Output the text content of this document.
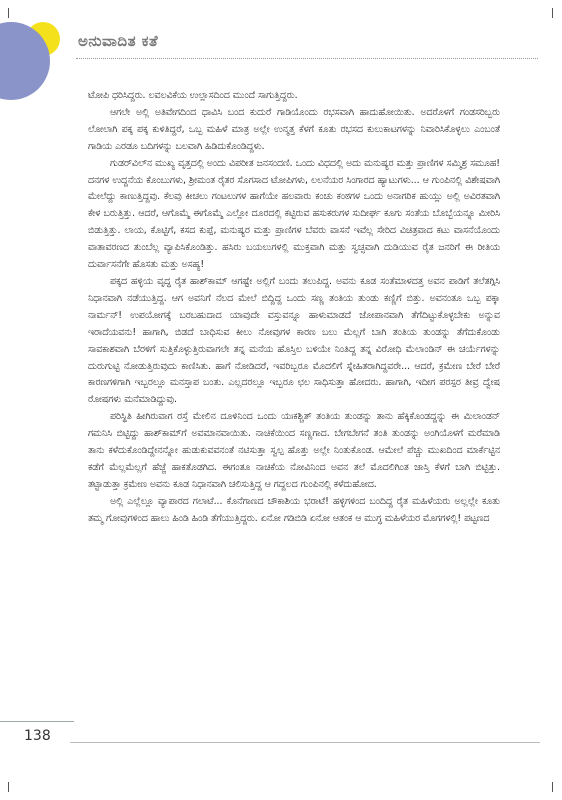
ಅನುವಾದಿತ ಕತೆ

ಟೋಪಿ ಧರಿಸಿದ್ದರು. ಲವಲವಿಕೆಯ ಉಲ್ಲಾಸದಿಂದ ಮುಂದೆ ಸಾಗುತ್ತಿದ್ದರು.

ಆಗಲೇ ಅಲ್ಲಿ ಅತಿವೇಗದಿಂದ ಧಾವಿಸಿ ಬಂದ ಕುದುರೆ ಗಾಡಿಯೊಂದು ರಭಸವಾಗಿ ಹಾದುಹೋಯಿತು. ಅದರೊಳಗೆ ಗಂಡಸರಿಬ್ಬರು ಲೋಲಾಗಿ ಪಕ್ಕ ಪಕ್ಕ ಕುಳಿತಿದ್ದರೆ, ಒಬ್ಬ ಮಹಿಳೆ ಮಾತ್ರ ಅಲ್ಲೇ ಉನ್ಮತ್ತ ಕೆಳಗೆ ಕೂತು ರಭಸದ ಕುಲುಕಾಟಗಳನ್ನು ನಿವಾರಿಸಿಕೊಳ್ಳಲು ಎಂಬಂತೆ ಗಾಡಿಯ ಎರಡೂ ಬದಿಗಳನ್ನು ಬಲವಾಗಿ ಹಿಡಿದುಕೊಂಡಿದ್ದಳು.

ಗುಡರ್‌ವಿಲ್‌ನ ಮುಖ್ಯ ವೃತ್ತದಲ್ಲಿ ಅಂದು ವಿಪರೀತ ಜನಸಂದಣಿ. ಒಂದು ವಿಧದಲ್ಲಿ ಅದು ಮನುಷ್ಯರ ಮತ್ತು ಪ್ರಾಣಿಗಳ ಸಮ್ಮಿಶ್ರ ಸಮೂಹ! ದನಗಳ ಉದ್ದನೆಯ ಕೊಂಬುಗಳು, ಶ್ರೀಮಂತ ರೈತರ ಸೊಗಸಾದ ಟೋಪಿಗಳು, ಲಲನೆಯರ ಸಿಂಗಾರದ ಹ್ಯಾಟುಗಳು... ಆ ಗುಂಪಿನಲ್ಲಿ ವಿಶೇಷವಾಗಿ ಮೇಲೆದ್ದು ಕಾಣುತ್ತಿದ್ದವು. ಕೆಲವು ಕೀಚಲು ಗಂಟಲುಗಳ ಹಾಗೆಯೇ ಹಲವಾರು ಕಂಚು ಕಂಠಗಳ ಒಂದು ಅನಾಗರಿಕ ಹುಯ್ಲು ಅಲ್ಲಿ ಅವಿರತವಾಗಿ ಕೇಳ ಬರುತ್ತಿತ್ತು. ಆದರೆ, ಆಗೊಮ್ಮೆ ಈಗೊಮ್ಮೆ ಎಲ್ಲೋ ದೂರದಲ್ಲಿ ಕಟ್ಟಿರುವ ಹಸುಕರುಗಳ ಸುದೀರ್ಘ ಕೂಗು ಸಂತೆಯ ಬೊಬ್ಬೆಯನ್ನೂ ಮೀರಿಸಿ ಬಿಡುತ್ತಿತ್ತು. ಲಾಯ, ಕೊಟ್ಟಿಗೆ, ಕಸದ ಕುಪ್ಪೆ, ಮನುಷ್ಯರ ಮತ್ತು ಪ್ರಾಣಿಗಳ ಬೆವರು ವಾಸನೆ ಇವೆಲ್ಲ ಸೇರಿದ ವಿಚಿತ್ರವಾದ ಕಟು ವಾಸನೆಯೊಂದು ವಾತಾವರಣದ ತುಂಬೆಲ್ಲ ವ್ಯಾಪಿಸಿಕೊಂಡಿತ್ತು. ಹಸಿರು ಬಯಲುಗಳಲ್ಲಿ ಮುಕ್ತವಾಗಿ ಮತ್ತು ಸ್ವಚ್ಛವಾಗಿ ದುಡಿಯುವ ರೈತ ಜನರಿಗೆ ಈ ರೀತಿಯ ದುರ್ವಾಸನೆಗೇ ಹೊಸತು ಮತ್ತು ಅಸಹ್ಯ!

ಪಕ್ಕದ ಹಳ್ಳಿಯ ವೃದ್ಧ ರೈತ ಹಾಶ್‌ಕಾಮ್ ಆಗಷ್ಟೇ ಅಲ್ಲಿಗೆ ಬಂದು ತಲುಪಿದ್ದ. ಅವನು ಕೂಡ ಸಂತೆಮಾಳದತ್ತ ಅವನ ಪಾಡಿಗೆ ತಲೆತಗ್ಗಿಸಿ ನಿಧಾನವಾಗಿ ನಡೆಯುತ್ತಿದ್ದ. ಆಗ ಅವನಿಗೆ ನೆಲದ ಮೇಲೆ ಬಿದ್ದಿದ್ದ ಒಂದು ಸಣ್ಣ ತಂತಿಯ ತುಂಡು ಕಣ್ಣಿಗೆ ಬಿತ್ತು. ಅವನಂತೂ ಒಬ್ಬ ಪಕ್ಕಾ ನಾರ್ಮನ್! ಉಪಯೋಗಕ್ಕೆ ಬರಬಹುದಾದ ಯಾವುದೇ ವಸ್ತುವನ್ನೂ ಹಾಳುಮಾಡದೆ ಜೋಪಾನವಾಗಿ ತೆಗೆದಿಟ್ಟುಕೊಳ್ಳಬೇಕು ಅನ್ನುವ ಇರಾದೆಯವನು! ಹಾಗಾಗಿ, ಬಿಡದೆ ಬಾಧಿಸುವ ಕೀಲು ನೋವುಗಳ ಕಾರಣ ಬಲು ಮೆಲ್ಲಗೆ ಬಾಗಿ ತಂತಿಯ ತುಂಡನ್ನು ತೆಗೆದುಕೊಂಡು ಸಾವಕಾಶವಾಗಿ ಬೆರಳಿಗೆ ಸುತ್ತಿಕೊಳ್ಳುತ್ತಿರುವಾಗಲೇ ತನ್ನ ಮನೆಯ ಹೊಸ್ತಿಲ ಬಳಿಯೇ ನಿಂತಿದ್ದ ತನ್ನ ವಿರೋಧಿ ಮೆಲಾಂಡಿನ್ ಈ ಚರ್ಯೆಗಳನ್ನು ದುರುಗುಟ್ಟಿ ನೋಡುತ್ತಿರುವುದು ಕಾಣಿಸಿತು. ಹಾಗೆ ನೋಡಿದರೆ, ಇವರಿಬ್ಬರೂ ಮೊದಲಿಗೆ ಸ್ನೇಹಿತರಾಗಿದ್ದವರೇ... ಆದರೆ, ಕ್ರಮೇಣ ಬೇರೆ ಬೇರೆ ಕಾರಣಗಳಿಗಾಗಿ ಇಬ್ಬರಲ್ಲೂ ಮನಸ್ತಾಪ ಬಂತು. ಎಲ್ಲದರಲ್ಲೂ ಇಬ್ಬರೂ ಛಲ ಸಾಧಿಸುತ್ತಾ ಹೋದರು. ಹಾಗಾಗಿ, ಇದೀಗ ಪರಸ್ಪರ ತೀವ್ರ ದ್ವೇಷ ರೋಷಗಳು ಮನೆಮಾಡಿದ್ದುವು.

ಪರಿಸ್ಥಿತಿ ಹೀಗಿರುವಾಗ ರಸ್ತೆ ಮೇಲಿನ ದೂಳಿನಿಂದ ಒಂದು ಯಃಕಶ್ಚಿತ್ ತಂತಿಯ ತುಂಡನ್ನು ತಾನು ಹೆಕ್ಕಿಕೊಂಡದ್ದನ್ನು ಈ ಮಿಲಾಂಡನ್ ಗಮನಿಸಿ ಬಿಟ್ಟಿದ್ದು ಹಾಶ್‌ಕಾಮ್‌ಗೆ ಅವಮಾನವಾಯಿತು. ನಾಚಿಕೆಯಿಂದ ಸಣ್ಣಗಾದ. ಬೇಗಬೇಗನೆ ತಂತಿ ತುಂಡನ್ನು ಅಂಗಿಯೊಳಗೆ ಮರೆಮಾಡಿ ತಾನು ಕಳೆದುಕೊಂಡಿದ್ದೇನನ್ನೋ ಹುಡುಕುವವನಂತೆ ನಟಿಸುತ್ತಾ ಸ್ವಲ್ಪ ಹೊತ್ತು ಅಲ್ಲೇ ನಿಂತುಕೊಂಡ. ಆಮೇಲೆ ಪೆಚ್ಚು ಮುಖದಿಂದ ಮಾರ್ಕೆಟ್ಟಿನ ಕಡೆಗೆ ಮೆಲ್ಲಮೆಲ್ಲಗೆ ಹೆಜ್ಜೆ ಹಾಕತೊಡಗಿದ. ಈಗಂತೂ ನಾಚಿಕೆಯ ನೋವಿನಿಂದ ಅವನ ತಲೆ ಮೊದಲಿಗಿಂತ ಜಾಸ್ತಿ ಕೆಳಗೆ ಬಾಗಿ ಬಿಟ್ಟಿತ್ತು. ತಟ್ಟಾಡುತ್ತಾ ಕ್ರಮೇಣ ಅವನು ಕೂಡ ನಿಧಾನವಾಗಿ ಚಲಿಸುತ್ತಿದ್ದ ಆ ಗದ್ದಲದ ಗುಂಪಿನಲ್ಲಿ ಕಳೆದುಹೋದ.

ಅಲ್ಲಿ ಎಲ್ಲೆಲ್ಲೂ ವ್ಯಾಪಾರದ ಗಲಾಟೆ... ಕೊನೆಗಾಣದ ಚೌಕಾಶಿಯ ಭರಾಟೆ! ಹಳ್ಳಿಗಳಿಂದ ಬಂದಿದ್ದ ರೈತ ಮಹಿಳೆಯರು ಅಲ್ಲಲ್ಲೇ ಕೂತು ತಮ್ಮ ಗೋವುಗಳಿಂದ ಹಾಲು ಹಿಂಡಿ ಹಿಂಡಿ ತೆಗೆಯುತ್ತಿದ್ದರು. ಏನೋ ಗಡಿಬಿಡಿ ಏನೋ ಆತಂಕ ಆ ಮುಗ್ಧ ಮಹಿಳೆಯರ ಮೊಗಗಳಲ್ಲಿ! ಪಟ್ಟಣದ

138
